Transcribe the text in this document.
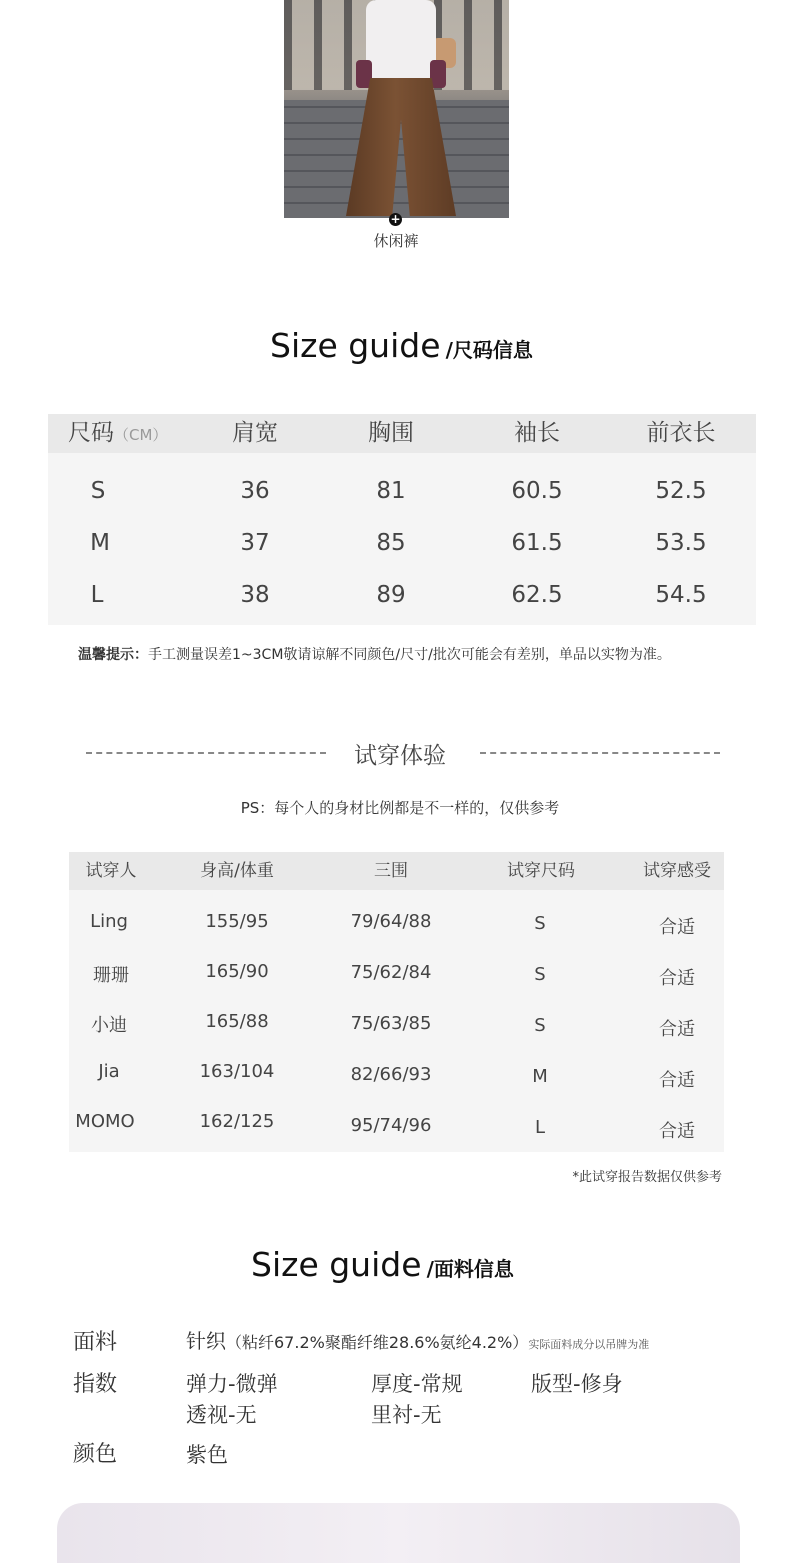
+
休闲裤
Size guide /尺码信息
尺码（CM）	肩宽	胸围	袖长	前衣长
S	36	81	60.5	52.5
M	37	85	61.5	53.5
L	38	89	62.5	54.5
温馨提示：手工测量误差1~3CM敬请谅解不同颜色/尺寸/批次可能会有差别，单品以实物为准。
试穿体验
PS：每个人的身材比例都是不一样的，仅供参考
试穿人	身高/体重	三围	试穿尺码	试穿感受
Ling	155/95	79/64/88	S	合适
珊珊	165/90	75/62/84	S	合适
小迪	165/88	75/63/85	S	合适
Jia	163/104	82/66/93	M	合适
MOMO	162/125	95/74/96	L	合适
*此试穿报告数据仅供参考
Size guide /面料信息
面料	针织（粘纤67.2%聚酯纤维28.6%氨纶4.2%）实际面料成分以吊牌为准
指数	弹力-微弹	厚度-常规	版型-修身
透视-无	里衬-无
颜色	紫色
